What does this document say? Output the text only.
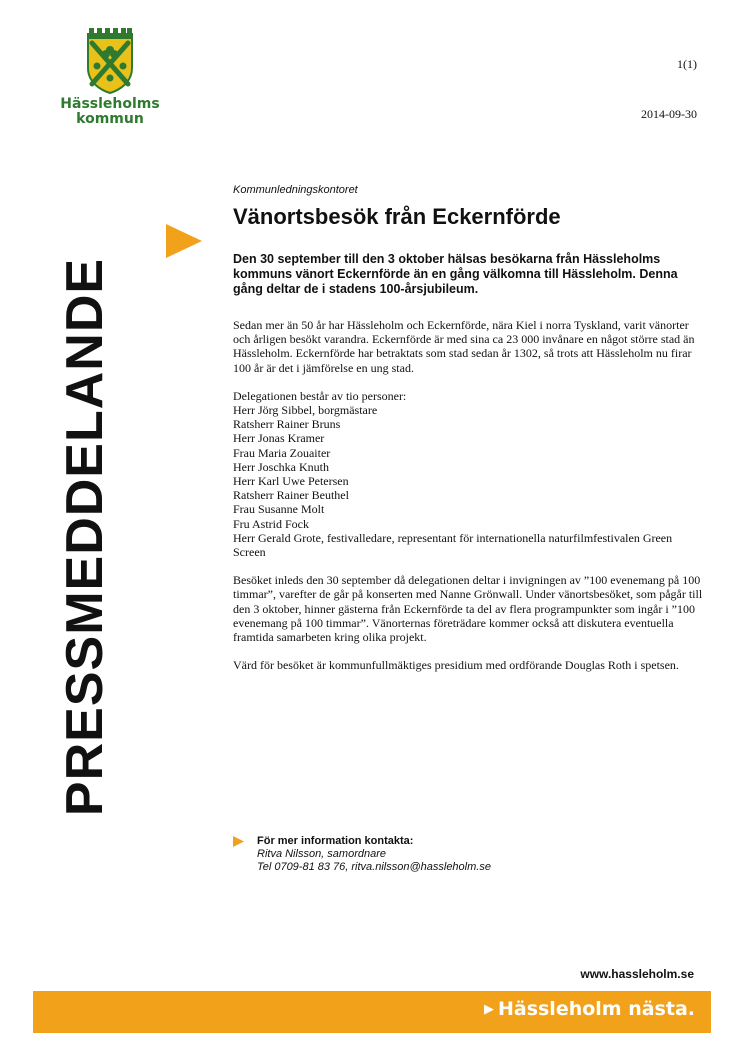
Hässleholms
kommun
1(1)
2014-09-30
PRESSMEDDELANDE
Kommunledningskontoret
Vänortsbesök från Eckernförde

Den 30 september till den 3 oktober hälsas besökarna från Hässleholms kommuns vänort Eckernförde än en gång välkomna till Hässleholm. Denna gång deltar de i stadens 100-årsjubileum.

Sedan mer än 50 år har Hässleholm och Eckernförde, nära Kiel i norra Tyskland, varit vänorter och årligen besökt varandra. Eckernförde är med sina ca 23 000 invånare en något större stad än Hässleholm. Eckernförde har betraktats som stad sedan år 1302, så trots att Hässleholm nu firar 100 år är det i jämförelse en ung stad.

Delegationen består av tio personer:
Herr Jörg Sibbel, borgmästare
Ratsherr Rainer Bruns
Herr Jonas Kramer
Frau Maria Zouaiter
Herr Joschka Knuth
Herr Karl Uwe Petersen
Ratsherr Rainer Beuthel
Frau Susanne Molt
Fru Astrid Fock
Herr Gerald Grote, festivalledare, representant för internationella naturfilmfestivalen Green Screen

Besöket inleds den 30 september då delegationen deltar i invigningen av ”100 evenemang på 100 timmar”, varefter de går på konserten med Nanne Grönwall. Under vänortsbesöket, som pågår till den 3 oktober, hinner gästerna från Eckernförde ta del av flera programpunkter som ingår i ”100 evenemang på 100 timmar”. Vänorternas företrädare kommer också att diskutera eventuella framtida samarbeten kring olika projekt.

Värd för besöket är kommunfullmäktiges presidium med ordförande Douglas Roth i spetsen.

För mer information kontakta:
Ritva Nilsson, samordnare
Tel 0709-81 83 76, ritva.nilsson@hassleholm.se
www.hassleholm.se
▶ Hässleholm nästa.
